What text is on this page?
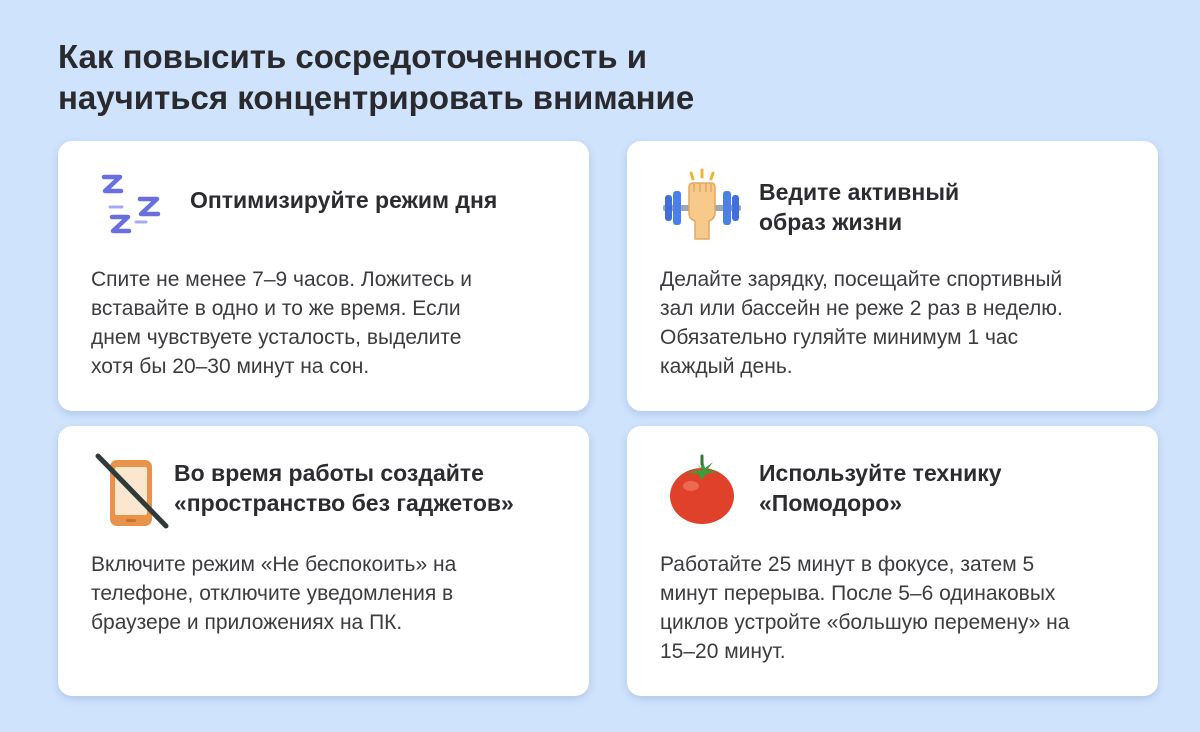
Как повысить сосредоточенность и
научиться концентрировать внимание
Оптимизируйте режим дня
Спите не менее 7–9 часов. Ложитесь и
вставайте в одно и то же время. Если
днем чувствуете усталость, выделите
хотя бы 20–30 минут на сон.
Ведите активный
образ жизни
Делайте зарядку, посещайте спортивный
зал или бассейн не реже 2 раз в неделю.
Обязательно гуляйте минимум 1 час
каждый день.
Во время работы создайте
«пространство без гаджетов»
Включите режим «Не беспокоить» на
телефоне, отключите уведомления в
браузере и приложениях на ПК.
Используйте технику
«Помодоро»
Работайте 25 минут в фокусе, затем 5
минут перерыва. После 5–6 одинаковых
циклов устройте «большую перемену» на
15–20 минут.
